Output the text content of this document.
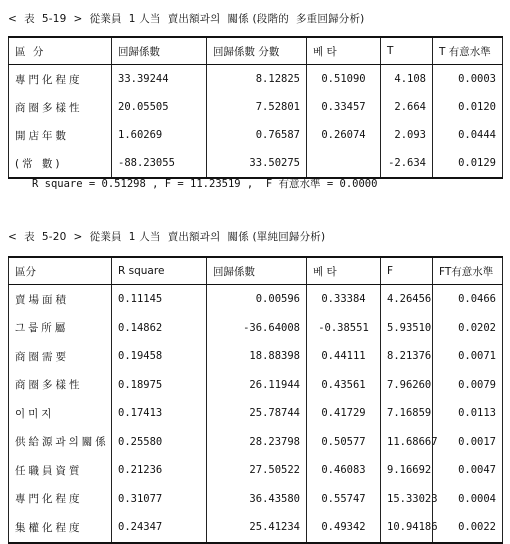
<  表  5-19  >  從業員  1 人当  賣出額과의  關係 (段階的  多重回歸分析)
區 分	回歸係數	回歸係數 分數	베 타	T	T 有意水準
專門化程度	33.39244	8.12825	0.51090	4.108	0.0003
商圈多樣性	20.05505	7.52801	0.33457	2.664	0.0120
開店年數	1.60269	0.76587	0.26074	2.093	0.0444
(常 數)	-88.23055	33.50275		-2.634	0.0129
R square = 0.51298 , F = 11.23519 ,  F 有意水準 = 0.0000
<  表  5-20  >  從業員  1 人当  賣出額과의  關係 (單純回歸分析)
區分	R square	回歸係數	베 타	F	FT有意水準
賣場面積	0.11145	0.00596	0.33384	4.26456	0.0466
그룹所屬	0.14862	-36.64008	-0.38551	5.93510	0.0202
商圈需要	0.19458	18.88398	0.44111	8.21376	0.0071
商圈多樣性	0.18975	26.11944	0.43561	7.96260	0.0079
이미지	0.17413	25.78744	0.41729	7.16859	0.0113
供給源과의關係	0.25580	28.23798	0.50577	11.68667	0.0017
任職員資質	0.21236	27.50522	0.46083	9.16692	0.0047
專門化程度	0.31077	36.43580	0.55747	15.33023	0.0004
集權化程度	0.24347	25.41234	0.49342	10.94186	0.0022
